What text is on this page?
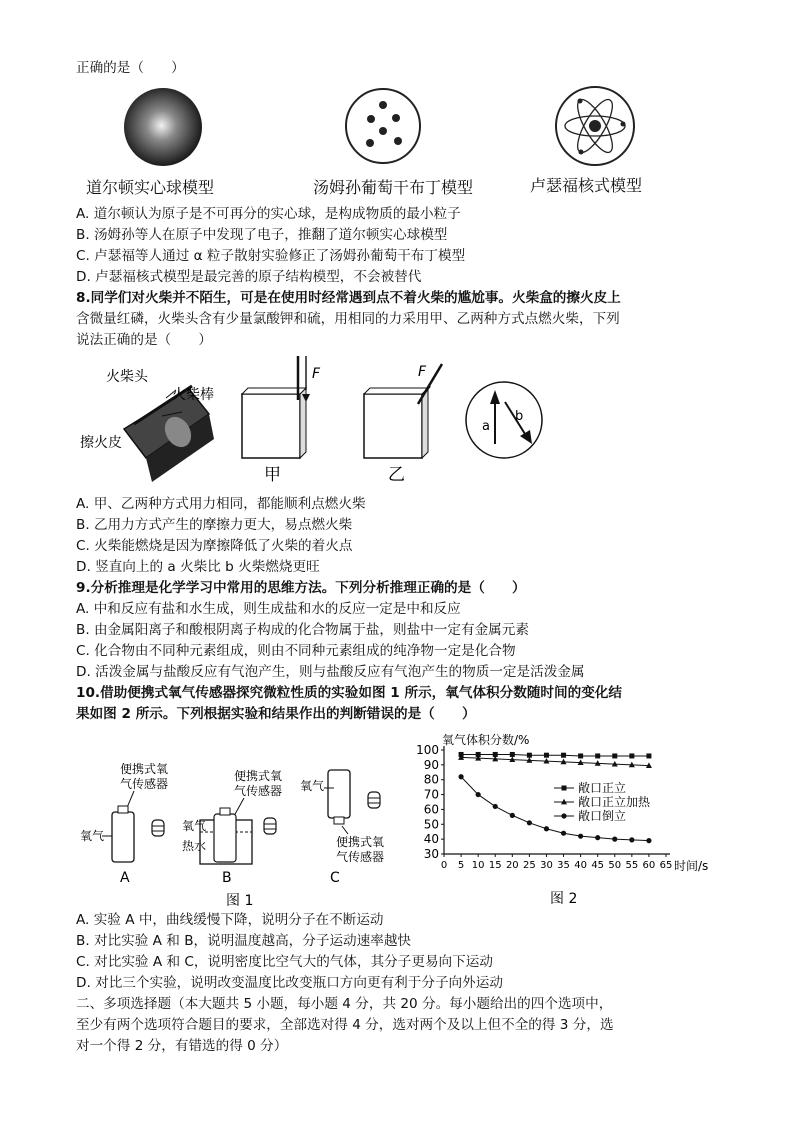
正确的是（　　）
道尔顿实心球模型	汤姆孙葡萄干布丁模型	卢瑟福核式模型
A. 道尔顿认为原子是不可再分的实心球，是构成物质的最小粒子
B. 汤姆孙等人在原子中发现了电子，推翻了道尔顿实心球模型
C. 卢瑟福等人通过 α 粒子散射实验修正了汤姆孙葡萄干布丁模型
D. 卢瑟福核式模型是最完善的原子结构模型，不会被替代
8.同学们对火柴并不陌生，可是在使用时经常遇到点不着火柴的尴尬事。火柴盒的擦火皮上
含微量红磷，火柴头含有少量氯酸钾和硫，用相同的力采用甲、乙两种方式点燃火柴，下列
说法正确的是（　　）
火柴头
火柴棒
擦火皮
F
甲
F
乙
a
b
A. 甲、乙两种方式用力相同，都能顺利点燃火柴
B. 乙用力方式产生的摩擦力更大，易点燃火柴
C. 火柴能燃烧是因为摩擦降低了火柴的着火点
D. 竖直向上的 a 火柴比 b 火柴燃烧更旺
9.分析推理是化学学习中常用的思维方法。下列分析推理正确的是（　　）
A. 中和反应有盐和水生成，则生成盐和水的反应一定是中和反应
B. 由金属阳离子和酸根阴离子构成的化合物属于盐，则盐中一定有金属元素
C. 化合物由不同种元素组成，则由不同种元素组成的纯净物一定是化合物
D. 活泼金属与盐酸反应有气泡产生，则与盐酸反应有气泡产生的物质一定是活泼金属
10.借助便携式氧气传感器探究微粒性质的实验如图 1 所示，氧气体积分数随时间的变化结
果如图 2 所示。下列根据实验和结果作出的判断错误的是（　　）
便携式氧
气传感器
氧气
A
便携式氧
气传感器
氧气
热水
B
氧气
便携式氧
气传感器
C
图 1
氧气体积分数/%
时间/s
30
40
50
60
70
80
90
100
0 5 10 15 20 25 30 35 40 45 50 55 60 65
敞口正立
敞口正立加热
敞口倒立
图 2
A. 实验 A 中，曲线缓慢下降，说明分子在不断运动
B. 对比实验 A 和 B，说明温度越高，分子运动速率越快
C. 对比实验 A 和 C，说明密度比空气大的气体，其分子更易向下运动
D. 对比三个实验，说明改变温度比改变瓶口方向更有利于分子向外运动
二、多项选择题（本大题共 5 小题，每小题 4 分，共 20 分。每小题给出的四个选项中，
至少有两个选项符合题目的要求，全部选对得 4 分，选对两个及以上但不全的得 3 分，选
对一个得 2 分，有错选的得 0 分）
